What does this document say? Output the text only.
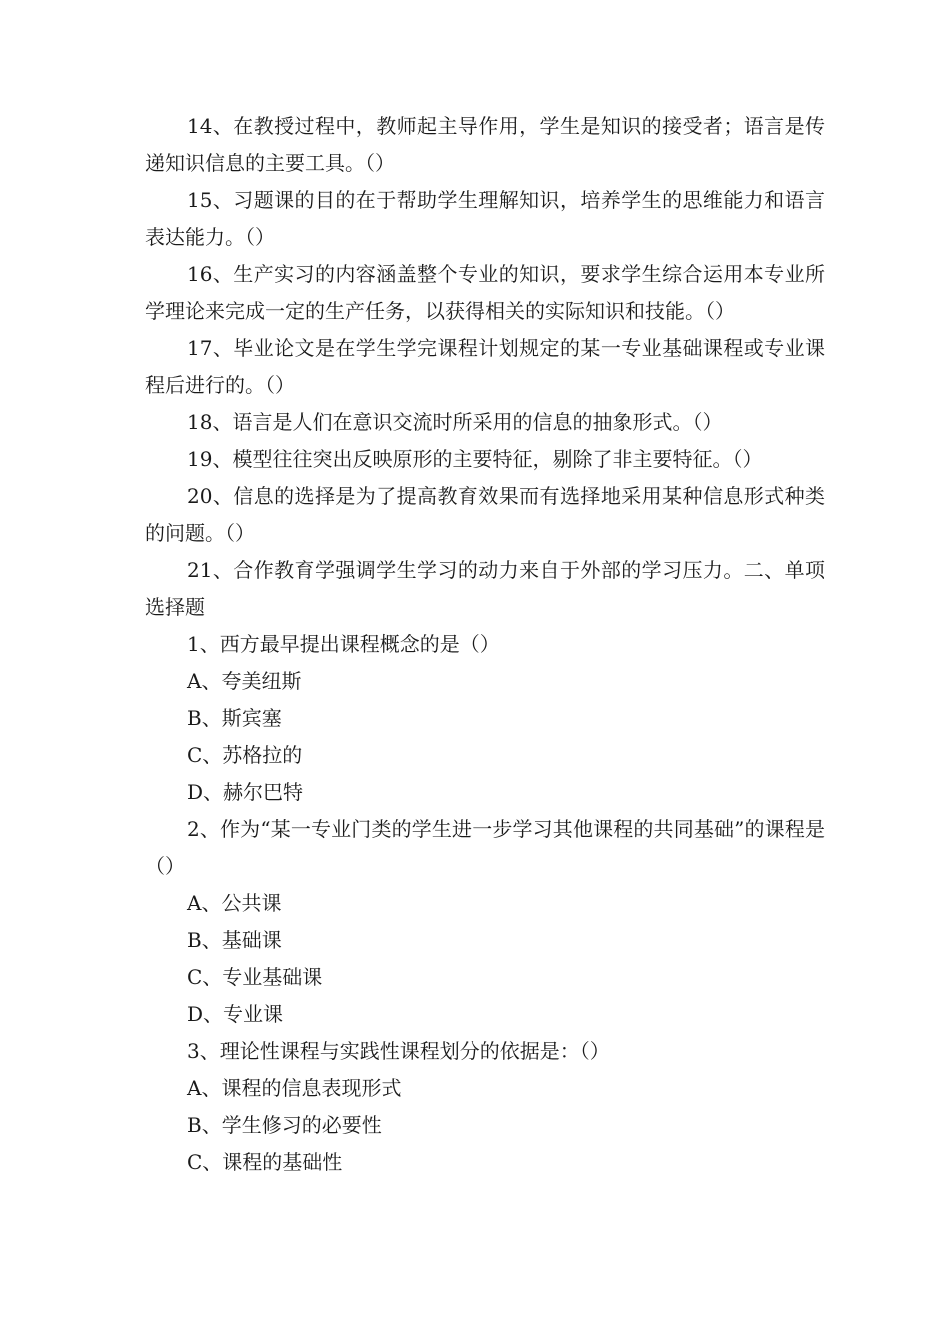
14、在教授过程中，教师起主导作用，学生是知识的接受者；语言是传递知识信息的主要工具。（）

15、习题课的目的在于帮助学生理解知识，培养学生的思维能力和语言表达能力。（）

16、生产实习的内容涵盖整个专业的知识，要求学生综合运用本专业所学理论来完成一定的生产任务，以获得相关的实际知识和技能。（）

17、毕业论文是在学生学完课程计划规定的某一专业基础课程或专业课程后进行的。（）

18、语言是人们在意识交流时所采用的信息的抽象形式。（）

19、模型往往突出反映原形的主要特征，剔除了非主要特征。（）

20、信息的选择是为了提高教育效果而有选择地采用某种信息形式种类的问题。（）

21、合作教育学强调学生学习的动力来自于外部的学习压力。二、单项选择题

1、西方最早提出课程概念的是（）

A、夸美纽斯

B、斯宾塞

C、苏格拉的

D、赫尔巴特

2、作为“某一专业门类的学生进一步学习其他课程的共同基础”的课程是（）

A、公共课

B、基础课

C、专业基础课

D、专业课

3、理论性课程与实践性课程划分的依据是：（）

A、课程的信息表现形式

B、学生修习的必要性

C、课程的基础性
